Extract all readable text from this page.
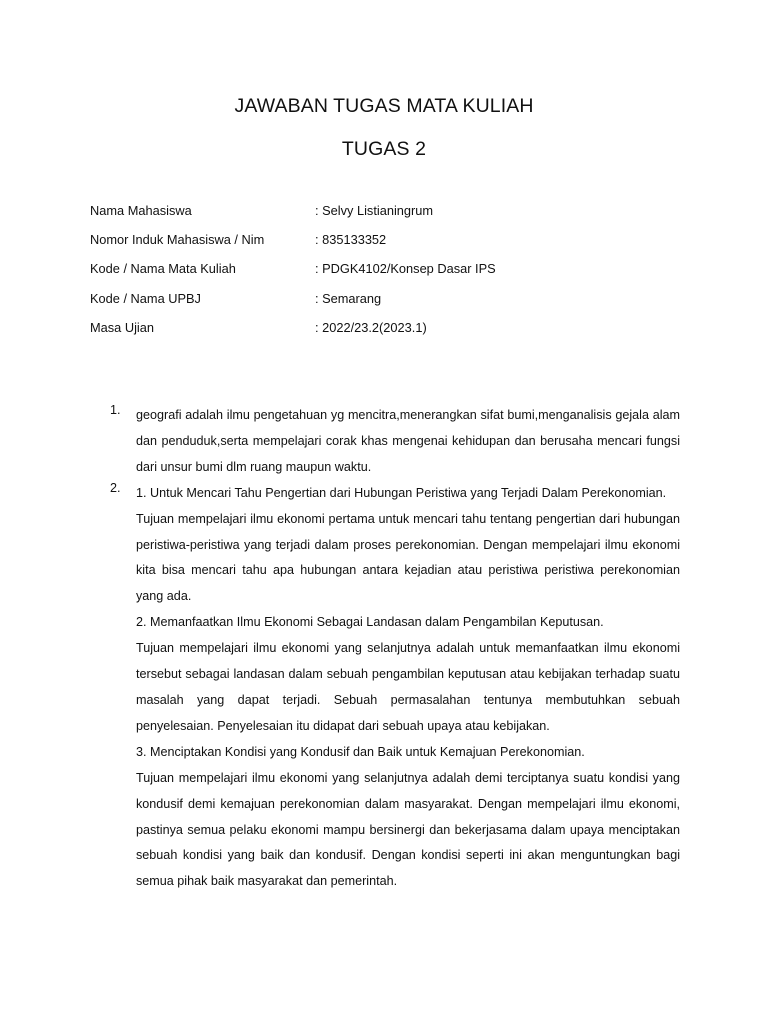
JAWABAN TUGAS MATA KULIAH
TUGAS 2
Nama Mahasiswa	: Selvy Listianingrum
Nomor Induk Mahasiswa / Nim	: 835133352
Kode / Nama Mata Kuliah	: PDGK4102/Konsep Dasar IPS
Kode / Nama UPBJ	: Semarang
Masa Ujian	: 2022/23.2(2023.1)
1. geografi adalah ilmu pengetahuan yg mencitra,menerangkan sifat bumi,menganalisis gejala alam dan penduduk,serta mempelajari corak khas mengenai kehidupan dan berusaha mencari fungsi dari unsur bumi dlm ruang maupun waktu.

2. 1. Untuk Mencari Tahu Pengertian dari Hubungan Peristiwa yang Terjadi Dalam Perekonomian.

Tujuan mempelajari ilmu ekonomi pertama untuk mencari tahu tentang pengertian dari hubungan peristiwa-peristiwa yang terjadi dalam proses perekonomian. Dengan mempelajari ilmu ekonomi kita bisa mencari tahu apa hubungan antara kejadian atau peristiwa peristiwa perekonomian yang ada.

2. Memanfaatkan Ilmu Ekonomi Sebagai Landasan dalam Pengambilan Keputusan.

Tujuan mempelajari ilmu ekonomi yang selanjutnya adalah untuk memanfaatkan ilmu ekonomi tersebut sebagai landasan dalam sebuah pengambilan keputusan atau kebijakan terhadap suatu masalah yang dapat terjadi. Sebuah permasalahan tentunya membutuhkan sebuah penyelesaian. Penyelesaian itu didapat dari sebuah upaya atau kebijakan.

3. Menciptakan Kondisi yang Kondusif dan Baik untuk Kemajuan Perekonomian.

Tujuan mempelajari ilmu ekonomi yang selanjutnya adalah demi terciptanya suatu kondisi yang kondusif demi kemajuan perekonomian dalam masyarakat. Dengan mempelajari ilmu ekonomi, pastinya semua pelaku ekonomi mampu bersinergi dan bekerjasama dalam upaya menciptakan sebuah kondisi yang baik dan kondusif. Dengan kondisi seperti ini akan menguntungkan bagi semua pihak baik masyarakat dan pemerintah.
